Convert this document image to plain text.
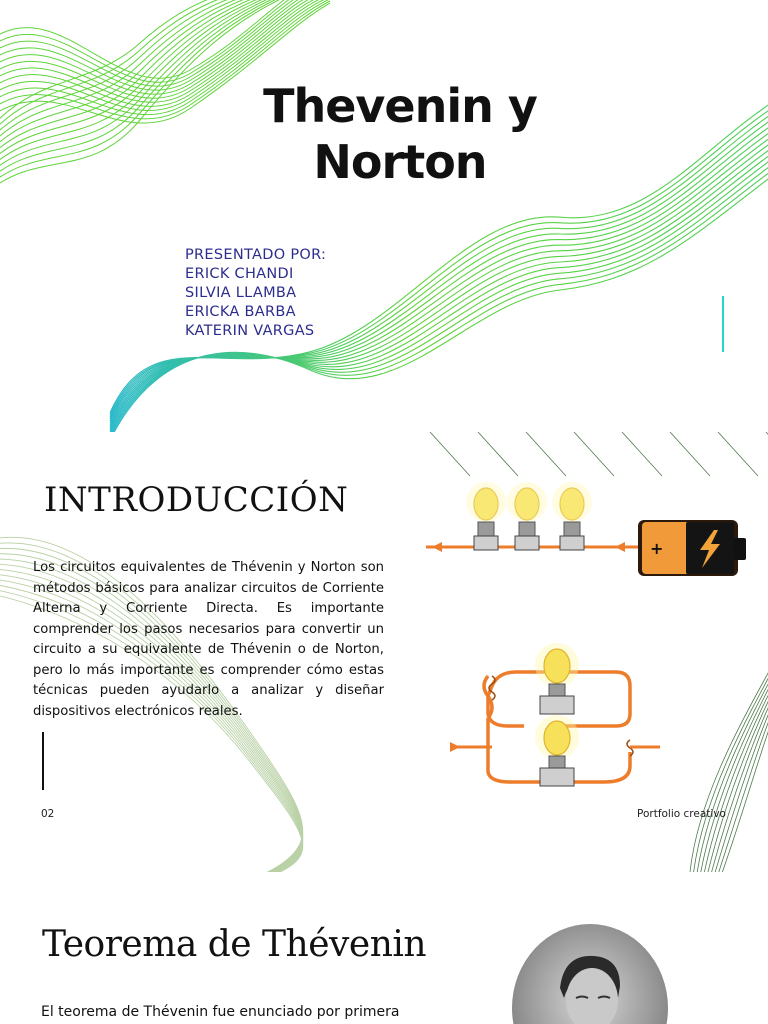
Thevenin y
Norton
PRESENTADO POR:
ERICK CHANDI
SILVIA LLAMBA
ERICKA BARBA
KATERIN VARGAS
INTRODUCCIÓN

Los circuitos equivalentes de Thévenin y Norton son métodos básicos para analizar circuitos de Corriente Alterna y Corriente Directa. Es importante comprender los pasos necesarios para convertir un circuito a su equivalente de Thévenin o de Norton, pero lo más importante es comprender cómo estas técnicas pueden ayudarlo a analizar y diseñar dispositivos electrónicos reales.

+
02	Portfolio creativo
Teorema de Thévenin

El teorema de Thévenin fue enunciado por primera
